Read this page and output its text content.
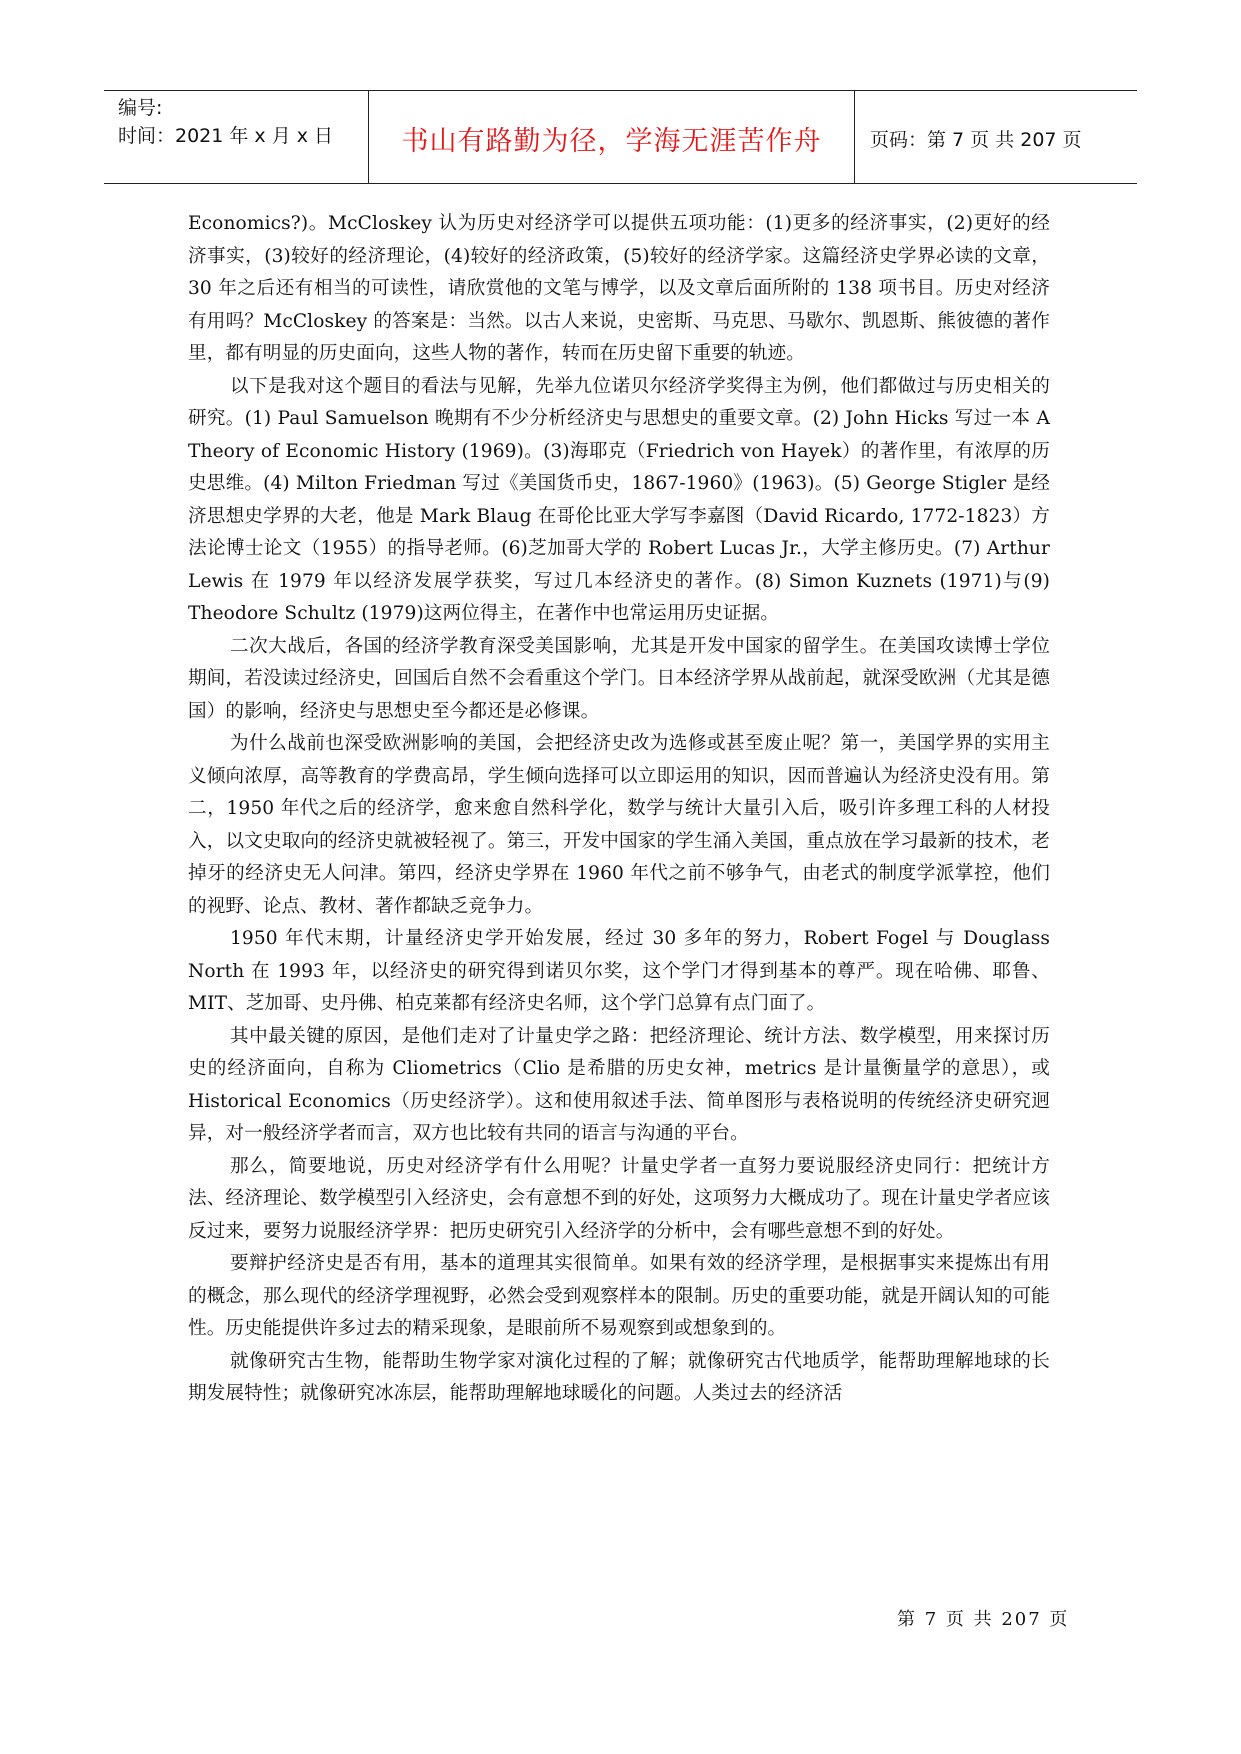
编号:
时间：2021 年 x 月 x 日	书山有路勤为径，学海无涯苦作舟	页码：第 7 页 共 207 页

Economics?)。McCloskey 认为历史对经济学可以提供五项功能：(1)更多的经济事实，(2)更好的经济事实，(3)较好的经济理论，(4)较好的经济政策，(5)较好的经济学家。这篇经济史学界必读的文章，30 年之后还有相当的可读性，请欣赏他的文笔与博学，以及文章后面所附的 138 项书目。历史对经济有用吗？McCloskey 的答案是：当然。以古人来说，史密斯、马克思、马歇尔、凯恩斯、熊彼德的著作里，都有明显的历史面向，这些人物的著作，转而在历史留下重要的轨迹。

以下是我对这个题目的看法与见解，先举九位诺贝尔经济学奖得主为例，他们都做过与历史相关的研究。(1) Paul Samuelson 晚期有不少分析经济史与思想史的重要文章。(2) John Hicks 写过一本 A Theory of Economic History (1969)。(3)海耶克（Friedrich von Hayek）的著作里，有浓厚的历史思维。(4) Milton Friedman 写过《美国货币史，1867-1960》(1963)。(5) George Stigler 是经济思想史学界的大老，他是 Mark Blaug 在哥伦比亚大学写李嘉图（David Ricardo, 1772-1823）方法论博士论文（1955）的指导老师。(6)芝加哥大学的 Robert Lucas Jr.，大学主修历史。(7) Arthur Lewis 在 1979 年以经济发展学获奖，写过几本经济史的著作。(8) Simon Kuznets (1971)与(9) Theodore Schultz (1979)这两位得主，在著作中也常运用历史证据。

二次大战后，各国的经济学教育深受美国影响，尤其是开发中国家的留学生。在美国攻读博士学位期间，若没读过经济史，回国后自然不会看重这个学门。日本经济学界从战前起，就深受欧洲（尤其是德国）的影响，经济史与思想史至今都还是必修课。

为什么战前也深受欧洲影响的美国，会把经济史改为选修或甚至废止呢？第一，美国学界的实用主义倾向浓厚，高等教育的学费高昂，学生倾向选择可以立即运用的知识，因而普遍认为经济史没有用。第二，1950 年代之后的经济学，愈来愈自然科学化，数学与统计大量引入后，吸引许多理工科的人材投入，以文史取向的经济史就被轻视了。第三，开发中国家的学生涌入美国，重点放在学习最新的技术，老掉牙的经济史无人问津。第四，经济史学界在 1960 年代之前不够争气，由老式的制度学派掌控，他们的视野、论点、教材、著作都缺乏竞争力。

1950 年代末期，计量经济史学开始发展，经过 30 多年的努力，Robert Fogel 与 Douglass North 在 1993 年，以经济史的研究得到诺贝尔奖，这个学门才得到基本的尊严。现在哈佛、耶鲁、MIT、芝加哥、史丹佛、柏克莱都有经济史名师，这个学门总算有点门面了。

其中最关键的原因，是他们走对了计量史学之路：把经济理论、统计方法、数学模型，用来探讨历史的经济面向，自称为 Cliometrics（Clio 是希腊的历史女神，metrics 是计量衡量学的意思），或 Historical Economics（历史经济学）。这和使用叙述手法、简单图形与表格说明的传统经济史研究迥异，对一般经济学者而言，双方也比较有共同的语言与沟通的平台。

那么，简要地说，历史对经济学有什么用呢？计量史学者一直努力要说服经济史同行：把统计方法、经济理论、数学模型引入经济史，会有意想不到的好处，这项努力大概成功了。现在计量史学者应该反过来，要努力说服经济学界：把历史研究引入经济学的分析中，会有哪些意想不到的好处。

要辩护经济史是否有用，基本的道理其实很简单。如果有效的经济学理，是根据事实来提炼出有用的概念，那么现代的经济学理视野，必然会受到观察样本的限制。历史的重要功能，就是开阔认知的可能性。历史能提供许多过去的精采现象，是眼前所不易观察到或想象到的。

就像研究古生物，能帮助生物学家对演化过程的了解；就像研究古代地质学，能帮助理解地球的长期发展特性；就像研究冰冻层，能帮助理解地球暖化的问题。人类过去的经济活

第 7 页 共 207 页
